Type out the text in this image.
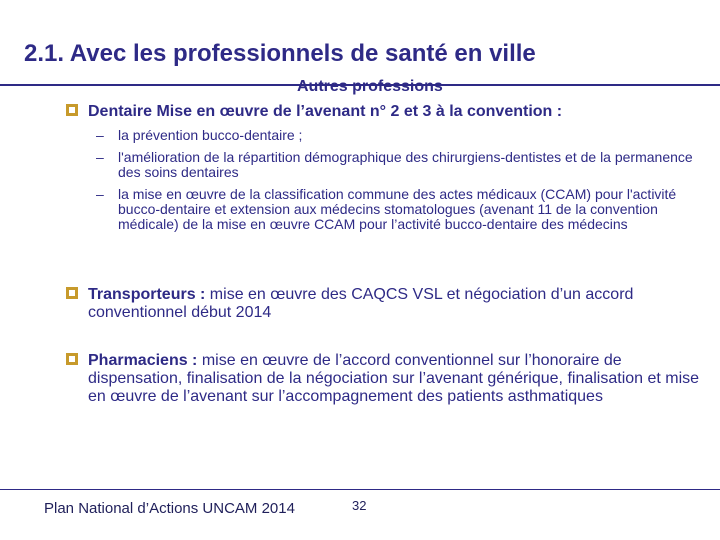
2.1. Avec les professionnels de santé en ville
Autres professions
Dentaire Mise en œuvre de l’avenant n° 2 et 3 à la convention :
– la prévention bucco-dentaire ;
– l'amélioration de la répartition démographique des chirurgiens-dentistes et de la permanence des soins dentaires
– la mise en œuvre de la classification commune des actes médicaux (CCAM) pour l'activité bucco-dentaire et extension aux médecins stomatologues (avenant 11 de la convention médicale) de la mise en œuvre CCAM pour l’activité bucco-dentaire des médecins
Transporteurs : mise en œuvre des CAQCS VSL et négociation d’un accord conventionnel début 2014
Pharmaciens : mise en œuvre de l’accord conventionnel sur l’honoraire de dispensation, finalisation de la négociation sur l’avenant générique, finalisation et mise en œuvre de l’avenant sur l’accompagnement des patients asthmatiques
Plan National d’Actions UNCAM 2014	32
